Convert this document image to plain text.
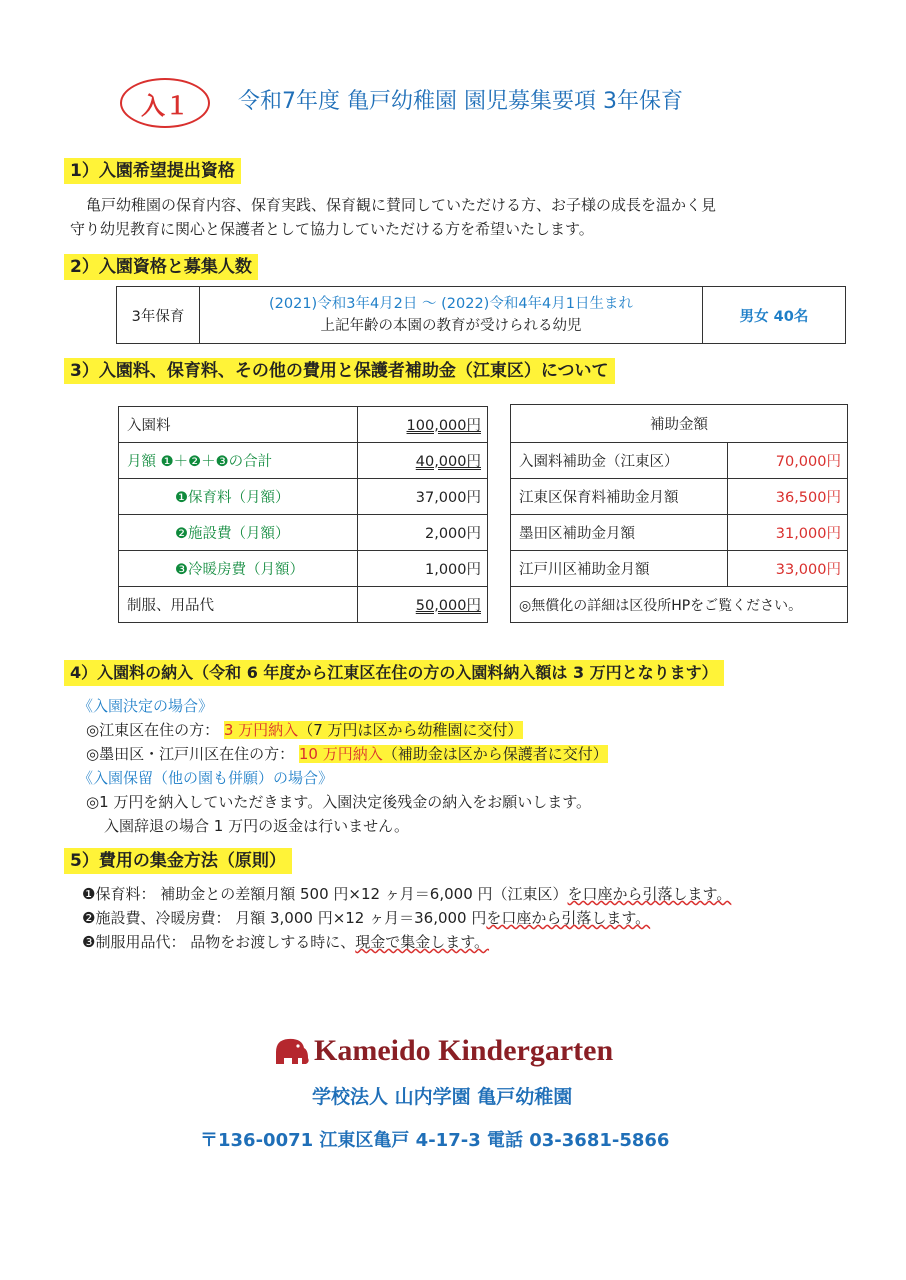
入１	令和7年度 亀戸幼稚園 園児募集要項 3年保育
1）入園希望提出資格
亀戸幼稚園の保育内容、保育実践、保育観に賛同していただける方、お子様の成長を温かく見
守り幼児教育に関心と保護者として協力していただける方を希望いたします。
2）入園資格と募集人数
3年保育	
(2021)令和3年4月2日 ～ (2022)令和4年4月1日生まれ
上記年齢の本園の教育が受けられる幼児
	男女 40名
3）入園料、保育料、その他の費用と保護者補助金（江東区）について
入園料	100,000円
月額 ❶＋❷＋❸の合計	40,000円
❶保育料（月額）	37,000円
❷施設費（月額）	2,000円
❸冷暖房費（月額）	1,000円
制服、用品代	50,000円
補助金額	
入園料補助金（江東区）	70,000円
江東区保育料補助金月額	36,500円
墨田区補助金月額	31,000円
江戸川区補助金月額	33,000円
◎無償化の詳細は区役所HPをご覧ください。	
4）入園料の納入（令和 6 年度から江東区在住の方の入園料納入額は 3 万円となります）
《入園決定の場合》
◎江東区在住の方： 3 万円納入（7 万円は区から幼稚園に交付）
◎墨田区・江戸川区在住の方： 10 万円納入（補助金は区から保護者に交付）
《入園保留（他の園も併願）の場合》
◎1 万円を納入していただきます。入園決定後残金の納入をお願いします。
入園辞退の場合 1 万円の返金は行いません。
5）費用の集金方法（原則）
❶保育料： 補助金との差額月額 500 円×12 ヶ月＝6,000 円（江東区）を口座から引落します。
❷施設費、冷暖房費： 月額 3,000 円×12 ヶ月＝36,000 円を口座から引落します。
❸制服用品代： 品物をお渡しする時に、現金で集金します。
Kameido Kindergarten
学校法人 山内学園 亀戸幼稚園
〒136-0071 江東区亀戸 4-17-3 電話 03-3681-5866
